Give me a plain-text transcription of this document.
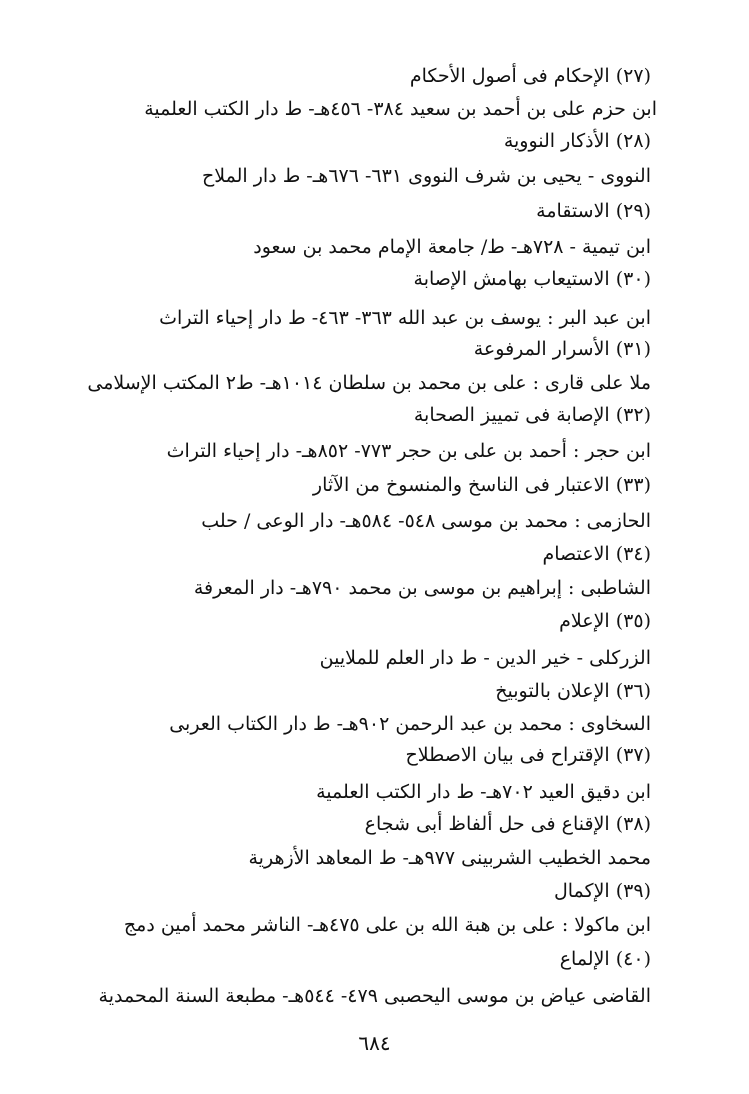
(٢٧) الإحكام فى أصول الأحكام
ابن حزم على بن أحمد بن سعيد ٣٨٤- ٤٥٦هـ- ط دار الكتب العلمية
(٢٨) الأذكار النووية
النووى - يحيى بن شرف النووى ٦٣١- ٦٧٦هـ- ط دار الملاح
(٢٩) الاستقامة
ابن تيمية - ٧٢٨هـ- ط/ جامعة الإمام محمد بن سعود
(٣٠) الاستيعاب بهامش الإصابة
ابن عبد البر : يوسف بن عبد الله ٣٦٣- ٤٦٣- ط دار إحياء التراث
(٣١) الأسرار المرفوعة
ملا على قارى : على بن محمد بن سلطان ١٠١٤هـ- ط٢ المكتب الإسلامى
(٣٢) الإصابة فى تمييز الصحابة
ابن حجر : أحمد بن على بن حجر ٧٧٣- ٨٥٢هـ- دار إحياء التراث
(٣٣) الاعتبار فى الناسخ والمنسوخ من الآثار
الحازمى : محمد بن موسى ٥٤٨- ٥٨٤هـ- دار الوعى / حلب
(٣٤) الاعتصام
الشاطبى : إبراهيم بن موسى بن محمد ٧٩٠هـ- دار المعرفة
(٣٥) الإعلام
الزركلى - خير الدين - ط دار العلم للملايين
(٣٦) الإعلان بالتوبيخ
السخاوى : محمد بن عبد الرحمن ٩٠٢هـ- ط دار الكتاب العربى
(٣٧) الإقتراح فى بيان الاصطلاح
ابن دقيق العيد ٧٠٢هـ- ط دار الكتب العلمية
(٣٨) الإقناع فى حل ألفاظ أبى شجاع
محمد الخطيب الشربينى ٩٧٧هـ- ط المعاهد الأزهرية
(٣٩) الإكمال
ابن ماكولا : على بن هبة الله بن على ٤٧٥هـ- الناشر محمد أمين دمج
(٤٠) الإلماع
القاضى عياض بن موسى اليحصبى ٤٧٩- ٥٤٤هـ- مطبعة السنة المحمدية
٦٨٤
